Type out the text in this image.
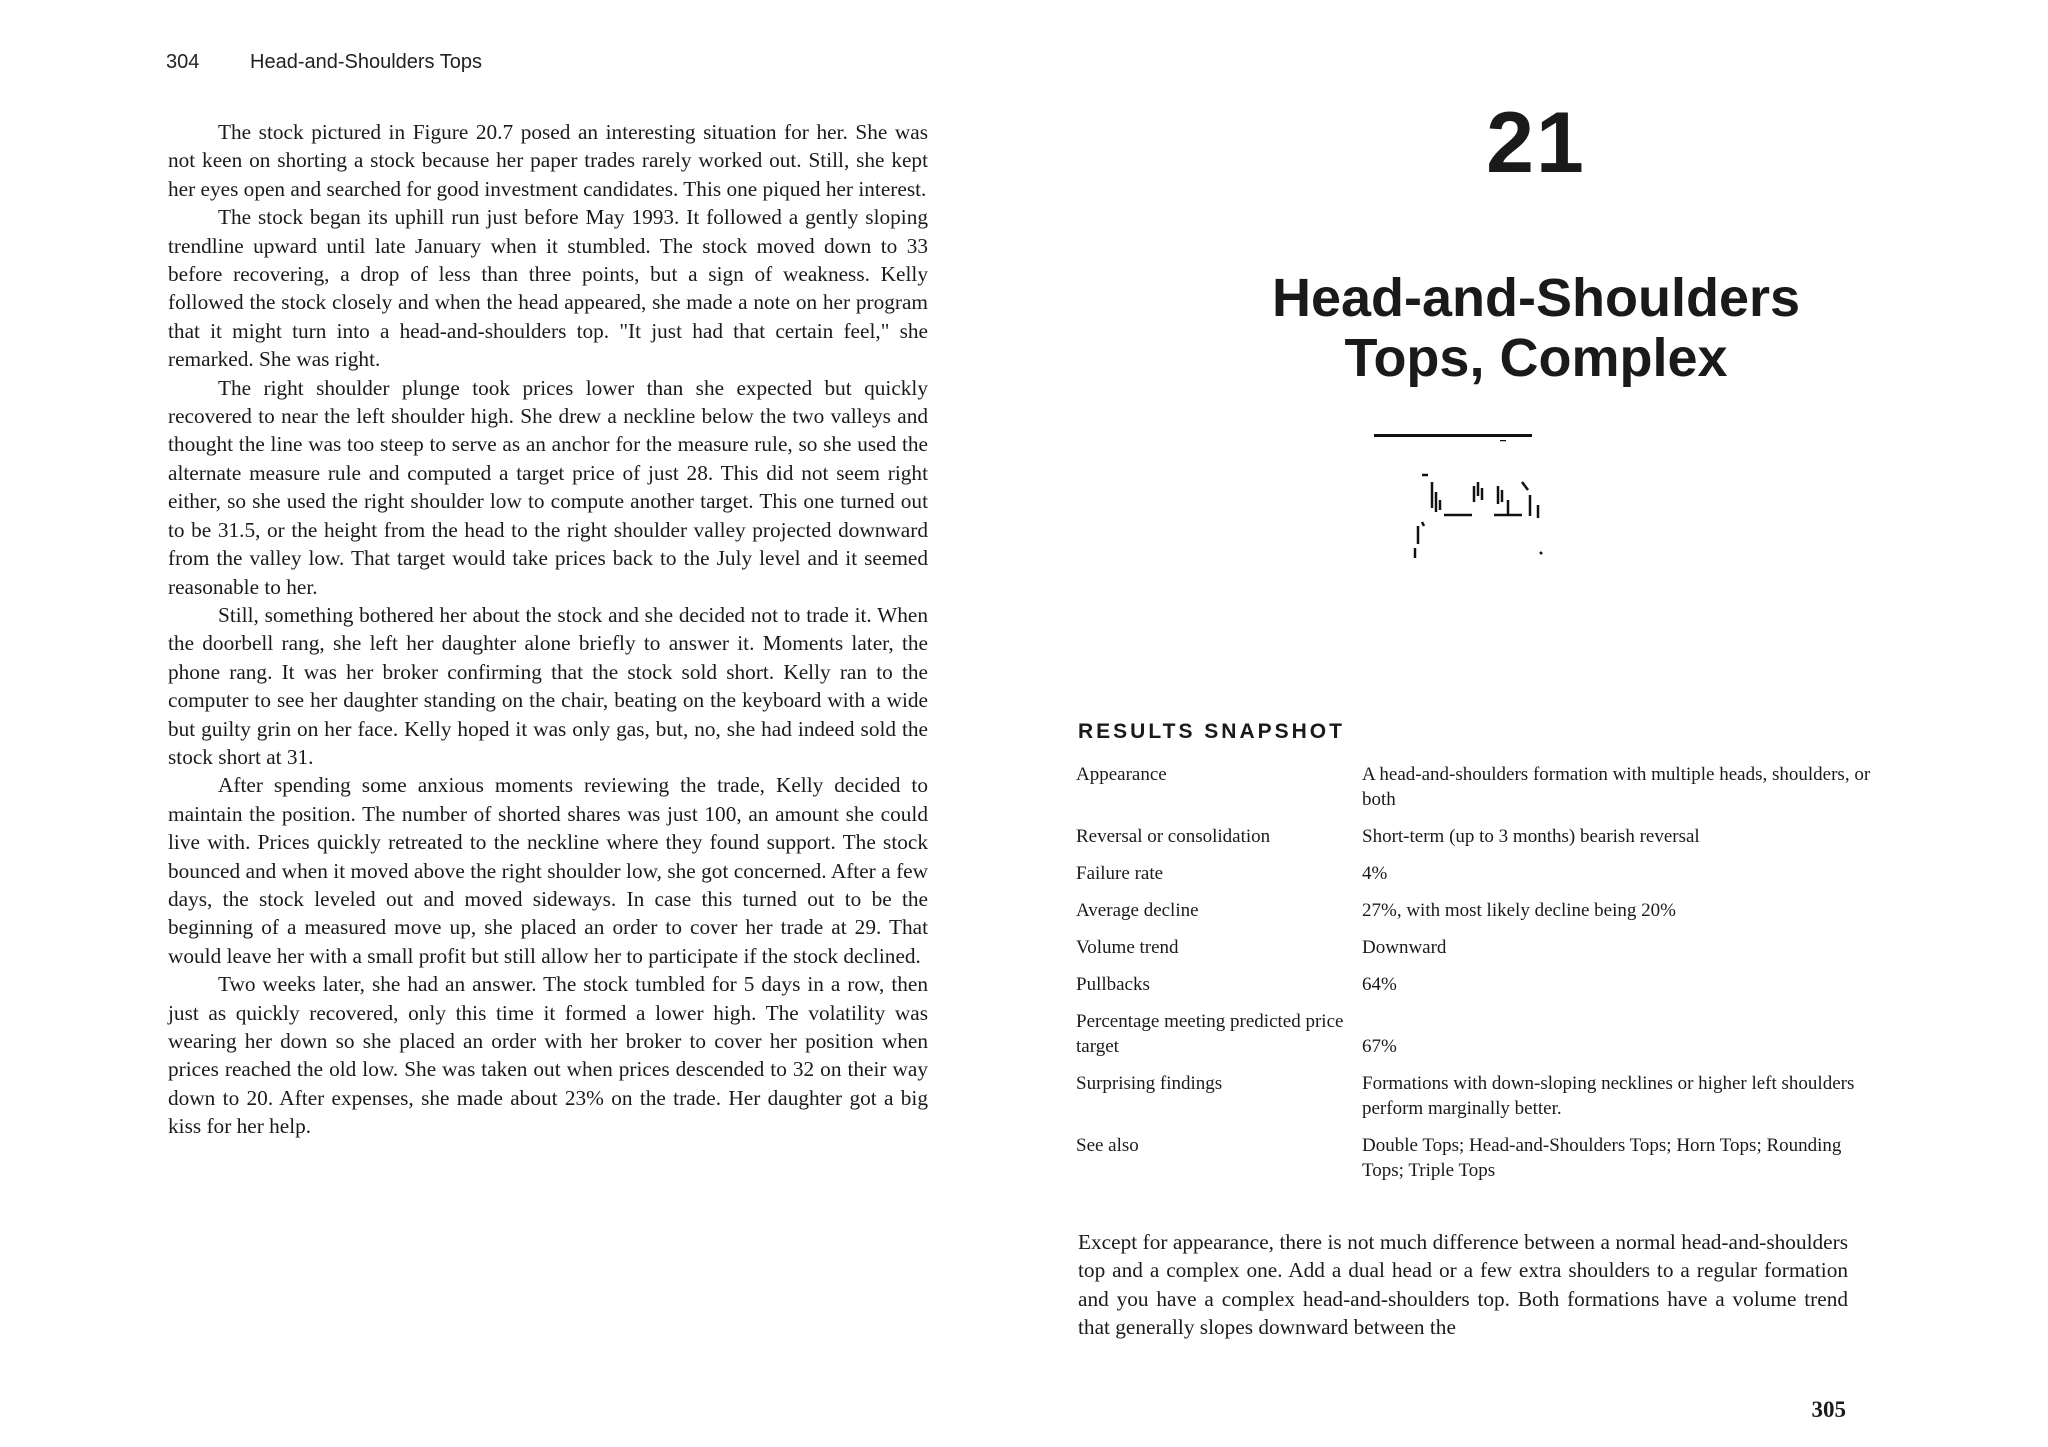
304	Head-and-Shoulders Tops

The stock pictured in Figure 20.7 posed an interesting situation for her. She was not keen on shorting a stock because her paper trades rarely worked out. Still, she kept her eyes open and searched for good investment candidates. This one piqued her interest.

The stock began its uphill run just before May 1993. It followed a gently sloping trendline upward until late January when it stumbled. The stock moved down to 33 before recovering, a drop of less than three points, but a sign of weakness. Kelly followed the stock closely and when the head appeared, she made a note on her program that it might turn into a head-and-shoulders top. "It just had that certain feel," she remarked. She was right.

The right shoulder plunge took prices lower than she expected but quickly recovered to near the left shoulder high. She drew a neckline below the two valleys and thought the line was too steep to serve as an anchor for the measure rule, so she used the alternate measure rule and computed a target price of just 28. This did not seem right either, so she used the right shoulder low to compute another target. This one turned out to be 31.5, or the height from the head to the right shoulder valley projected downward from the valley low. That target would take prices back to the July level and it seemed reasonable to her.

Still, something bothered her about the stock and she decided not to trade it. When the doorbell rang, she left her daughter alone briefly to answer it. Moments later, the phone rang. It was her broker confirming that the stock sold short. Kelly ran to the computer to see her daughter standing on the chair, beating on the keyboard with a wide but guilty grin on her face. Kelly hoped it was only gas, but, no, she had indeed sold the stock short at 31.

After spending some anxious moments reviewing the trade, Kelly decided to maintain the position. The number of shorted shares was just 100, an amount she could live with. Prices quickly retreated to the neckline where they found support. The stock bounced and when it moved above the right shoulder low, she got concerned. After a few days, the stock leveled out and moved sideways. In case this turned out to be the beginning of a measured move up, she placed an order to cover her trade at 29. That would leave her with a small profit but still allow her to participate if the stock declined.

Two weeks later, she had an answer. The stock tumbled for 5 days in a row, then just as quickly recovered, only this time it formed a lower high. The volatility was wearing her down so she placed an order with her broker to cover her position when prices reached the old low. She was taken out when prices descended to 32 on their way down to 20. After expenses, she made about 23% on the trade. Her daughter got a big kiss for her help.

21
Head-and-Shoulders
Tops, Complex
RESULTS SNAPSHOT
Appearance	A head-and-shoulders formation with multiple heads, shoulders, or both
Reversal or consolidation	Short-term (up to 3 months) bearish reversal
Failure rate	4%
Average decline	27%, with most likely decline being 20%
Volume trend	Downward
Pullbacks	64%
Percentage meeting predicted price target	67%
Surprising findings	Formations with down-sloping necklines or higher left shoulders perform marginally better.
See also	Double Tops; Head-and-Shoulders Tops; Horn Tops; Rounding Tops; Triple Tops

Except for appearance, there is not much difference between a normal head-and-shoulders top and a complex one. Add a dual head or a few extra shoulders to a regular formation and you have a complex head-and-shoulders top. Both formations have a volume trend that generally slopes downward between the

305
